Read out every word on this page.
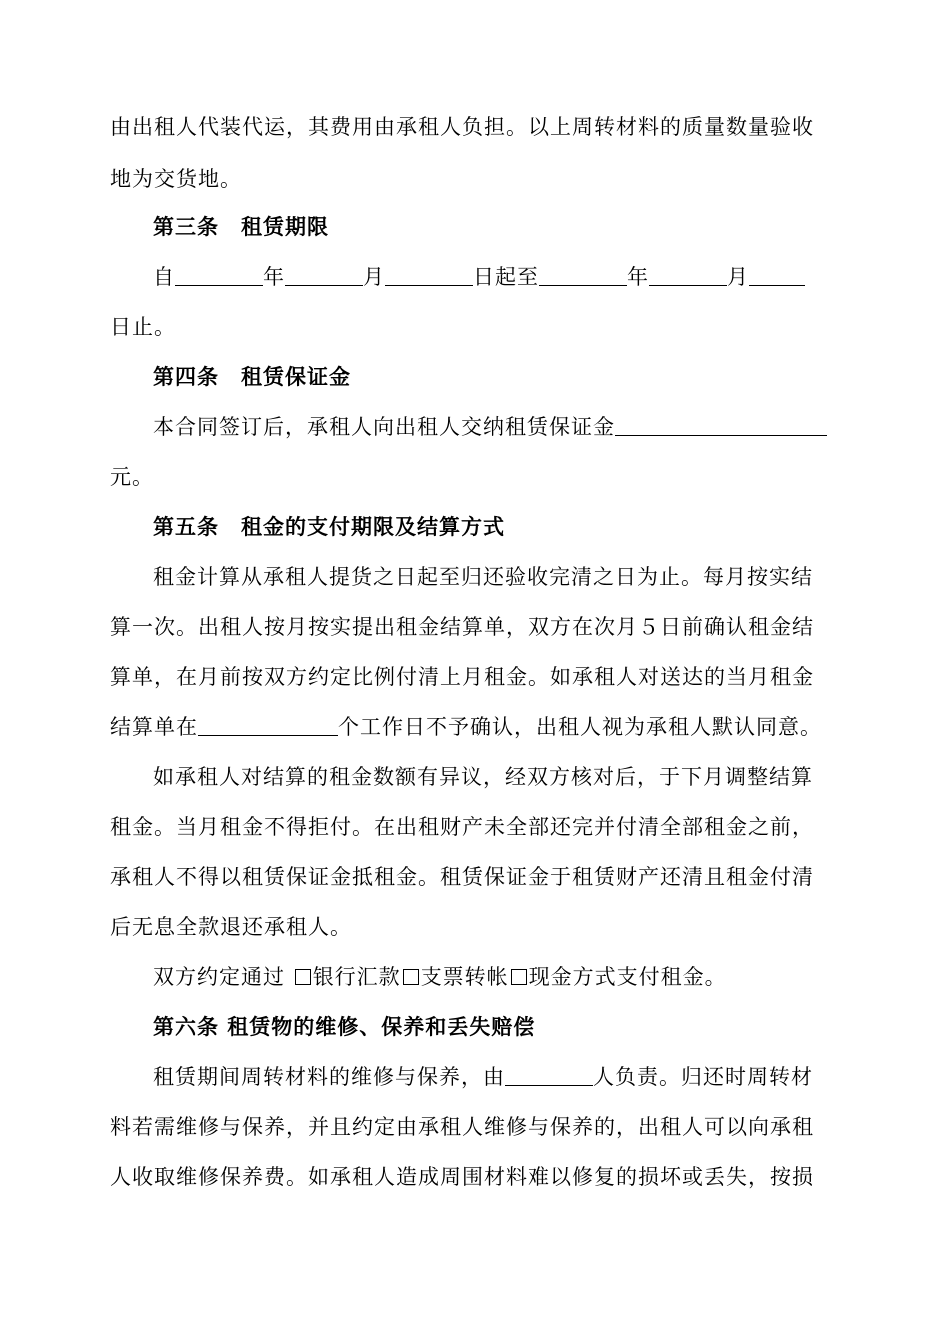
由出租人代装代运，其费用由承租人负担。以上周转材料的质量数量验收
地为交货地。
第三条　租赁期限
自	年	月	日起至	年	月
日止。
第四条　租赁保证金
本合同签订后，承租人向出租人交纳租赁保证金
元。
第五条　租金的支付期限及结算方式
租金计算从承租人提货之日起至归还验收完清之日为止。每月按实结
算一次。出租人按月按实提出租金结算单，双方在次月５日前确认租金结
算单，在月前按双方约定比例付清上月租金。如承租人对送达的当月租金
结算单在	个工作日不予确认，出租人视为承租人默认同意。
如承租人对结算的租金数额有异议，经双方核对后，于下月调整结算
租金。当月租金不得拒付。在出租财产未全部还完并付清全部租金之前，
承租人不得以租赁保证金抵租金。租赁保证金于租赁财产还清且租金付清
后无息全款退还承租人。
双方约定通过 银行汇款 支票转帐 现金方式支付租金。
第六条 租赁物的维修、保养和丢失赔偿
租赁期间周转材料的维修与保养，由	人负责。归还时周转材
料若需维修与保养，并且约定由承租人维修与保养的，出租人可以向承租
人收取维修保养费。如承租人造成周围材料难以修复的损坏或丢失，按损
